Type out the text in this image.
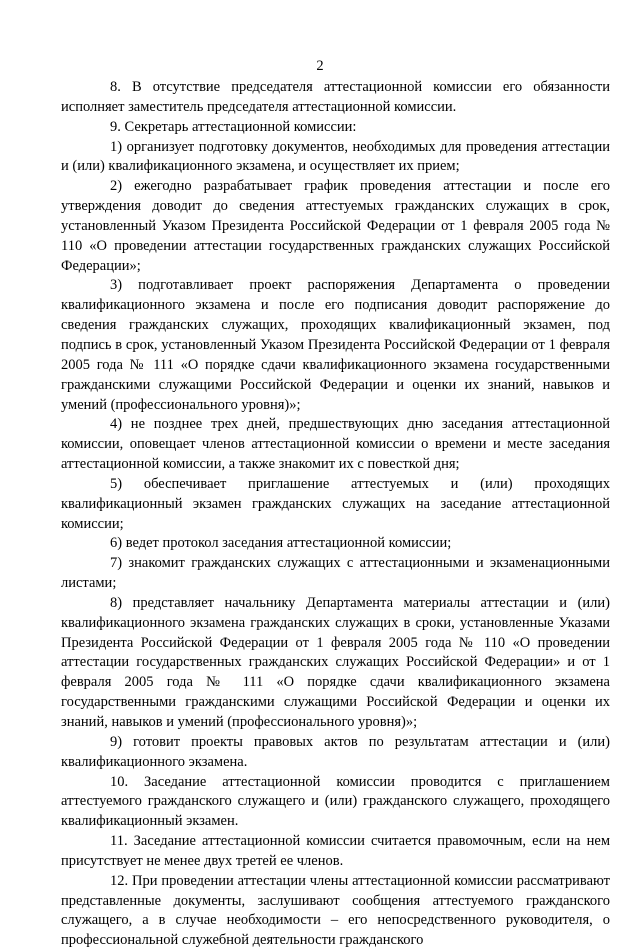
2

8. В отсутствие председателя аттестационной комиссии его обязанности исполняет заместитель председателя аттестационной комиссии.

9. Секретарь аттестационной комиссии:

1) организует подготовку документов, необходимых для проведения аттестации и (или) квалификационного экзамена, и осуществляет их прием;

2) ежегодно разрабатывает график проведения аттестации и после его утверждения доводит до сведения аттестуемых гражданских служащих в срок, установленный Указом Президента Российской Федерации от 1 февраля 2005 года № 110 «О проведении аттестации государственных гражданских служащих Российской Федерации»;

3) подготавливает проект распоряжения Департамента о проведении квалификационного экзамена и после его подписания доводит распоряжение до сведения гражданских служащих, проходящих квалификационный экзамен, под подпись в срок, установленный Указом Президента Российской Федерации от 1 февраля 2005 года № 111 «О порядке сдачи квалификационного экзамена государственными гражданскими служащими Российской Федерации и оценки их знаний, навыков и умений (профессионального уровня)»;

4) не позднее трех дней, предшествующих дню заседания аттестационной комиссии, оповещает членов аттестационной комиссии о времени и месте заседания аттестационной комиссии, а также знакомит их с повесткой дня;

5) обеспечивает приглашение аттестуемых и (или) проходящих квалификационный экзамен гражданских служащих на заседание аттестационной комиссии;

6) ведет протокол заседания аттестационной комиссии;

7) знакомит гражданских служащих с аттестационными и экзаменационными листами;

8) представляет начальнику Департамента материалы аттестации и (или) квалификационного экзамена гражданских служащих в сроки, установленные Указами Президента Российской Федерации от 1 февраля 2005 года № 110 «О проведении аттестации государственных гражданских служащих Российской Федерации» и от 1 февраля 2005 года № 111 «О порядке сдачи квалификационного экзамена государственными гражданскими служащими Российской Федерации и оценки их знаний, навыков и умений (профессионального уровня)»;

9) готовит проекты правовых актов по результатам аттестации и (или) квалификационного экзамена.

10. Заседание аттестационной комиссии проводится с приглашением аттестуемого гражданского служащего и (или) гражданского служащего, проходящего квалификационный экзамен.

11. Заседание аттестационной комиссии считается правомочным, если на нем присутствует не менее двух третей ее членов.

12. При проведении аттестации члены аттестационной комиссии рассматривают представленные документы, заслушивают сообщения аттестуемого гражданского служащего, а в случае необходимости – его непосредственного руководителя, о профессиональной служебной деятельности гражданского
